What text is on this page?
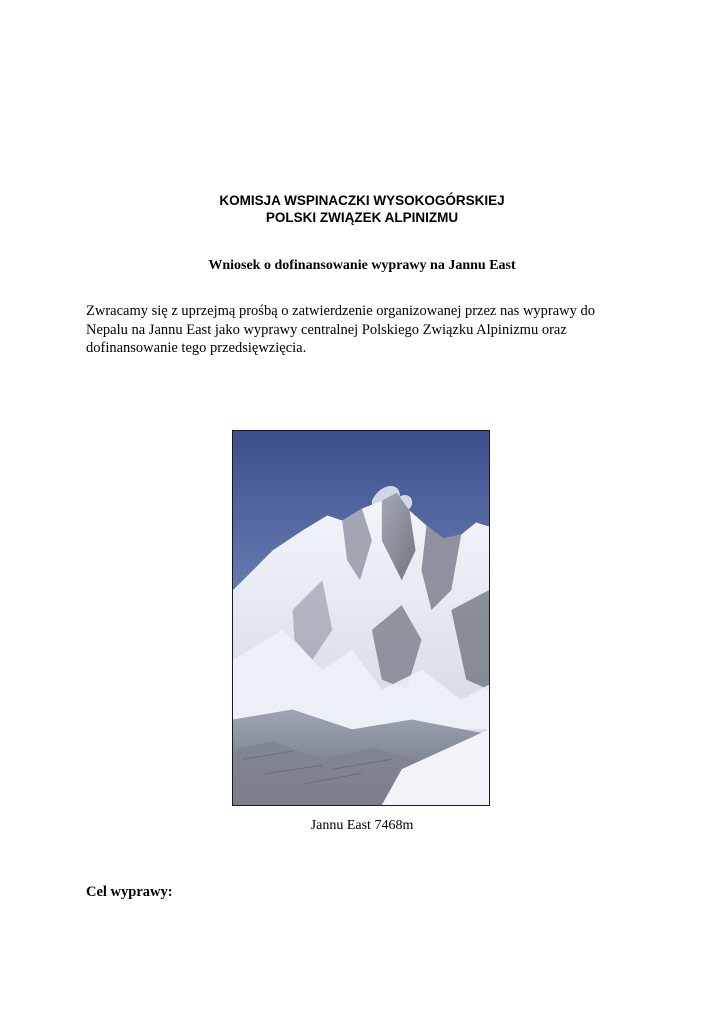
KOMISJA WSPINACZKI WYSOKOGÓRSKIEJ
POLSKI ZWIĄZEK ALPINIZMU
Wniosek o dofinansowanie wyprawy na Jannu East

Zwracamy się z uprzejmą prośbą o zatwierdzenie organizowanej przez nas wyprawy do
Nepalu na Jannu East jako wyprawy centralnej Polskiego Związku Alpinizmu oraz
dofinansowanie tego przedsięwzięcia.

Jannu East 7468m
Cel wyprawy:
